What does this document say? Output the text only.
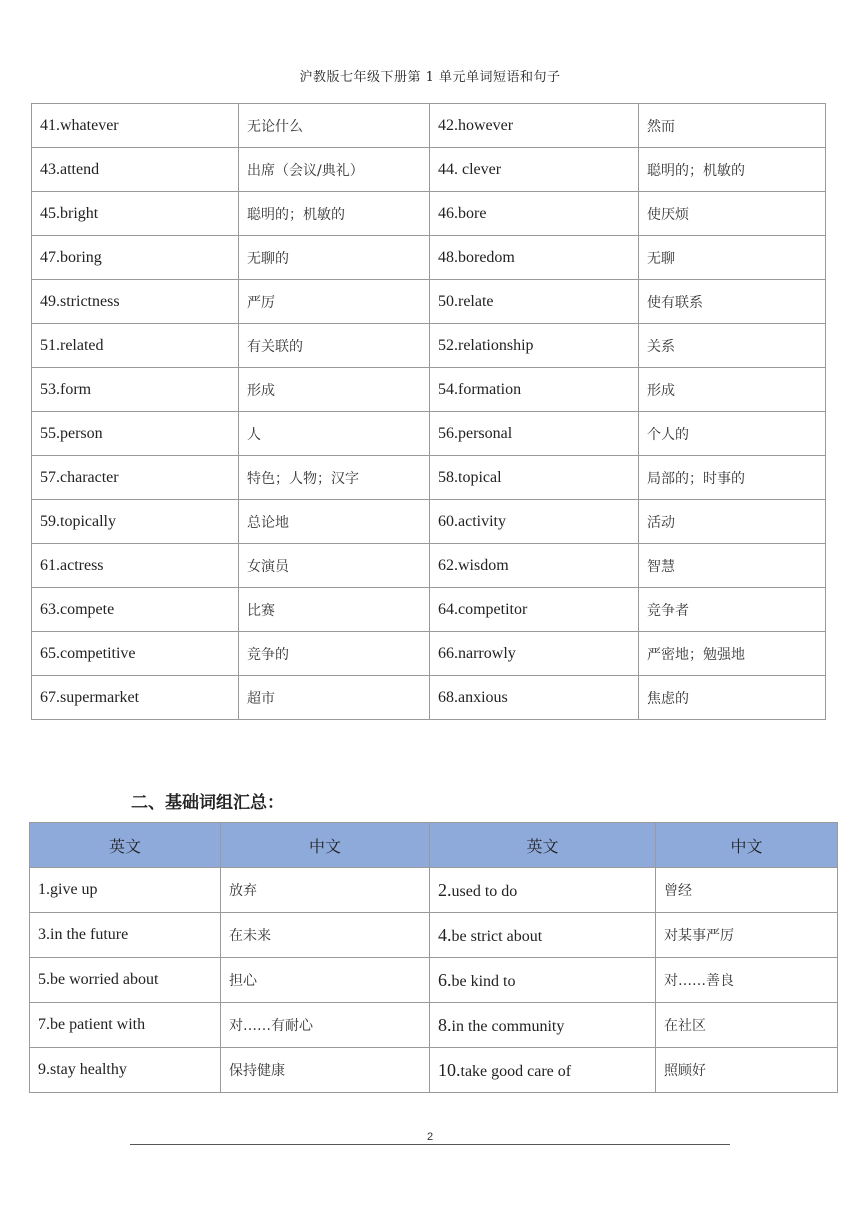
沪教版七年级下册第 1 单元单词短语和句子
41.whatever	无论什么	42.however	然而
43.attend	出席（会议/典礼）	44. clever	聪明的；机敏的
45.bright	聪明的；机敏的	46.bore	使厌烦
47.boring	无聊的	48.boredom	无聊
49.strictness	严厉	50.relate	使有联系
51.related	有关联的	52.relationship	关系
53.form	形成	54.formation	形成
55.person	人	56.personal	个人的
57.character	特色；人物；汉字	58.topical	局部的；时事的
59.topically	总论地	60.activity	活动
61.actress	女演员	62.wisdom	智慧
63.compete	比赛	64.competitor	竞争者
65.competitive	竞争的	66.narrowly	严密地；勉强地
67.supermarket	超市	68.anxious	焦虑的
二、基础词组汇总：
英文	中文	英文	中文
1.give up	放弃	2.used to do	曾经
3.in the future	在未来	4.be strict about	对某事严厉
5.be worried about	担心	6.be kind to	对……善良
7.be patient with	对……有耐心	8.in the community	在社区
9.stay healthy	保持健康	10.take good care of	照顾好
2
